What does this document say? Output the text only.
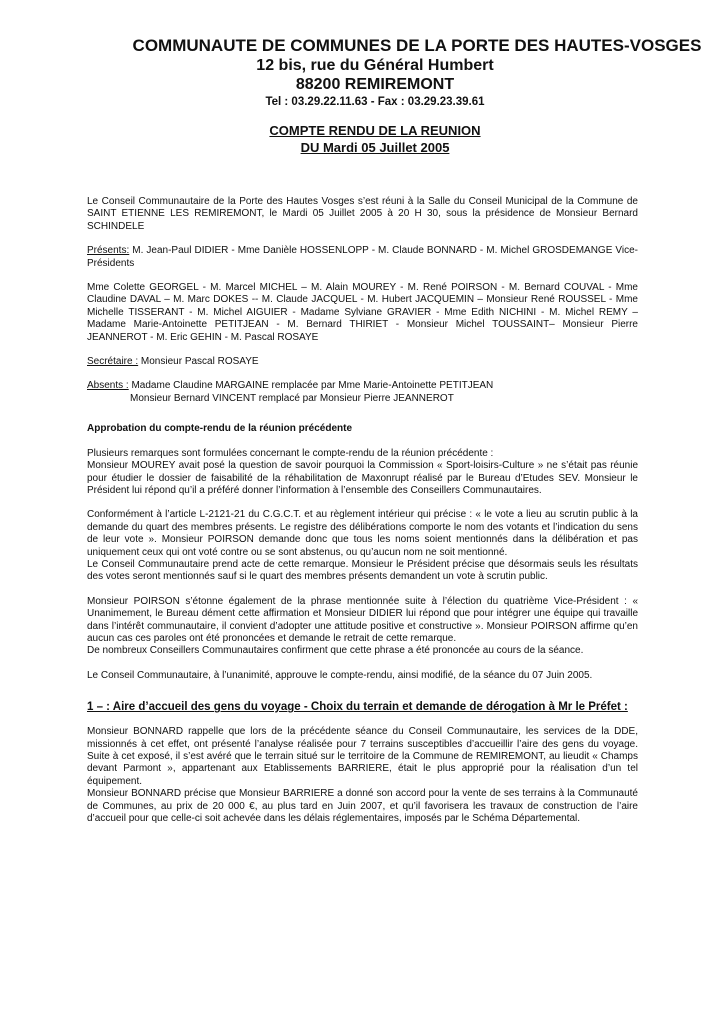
COMMUNAUTE DE COMMUNES DE LA PORTE DES HAUTES-VOSGES

12 bis, rue du Général Humbert

88200 REMIREMONT

Tel : 03.29.22.11.63 - Fax : 03.29.23.39.61

COMPTE RENDU DE LA REUNION

DU Mardi 05 Juillet 2005

Le Conseil Communautaire de la Porte des Hautes Vosges s’est réuni à la Salle du Conseil Municipal de la Commune de SAINT ETIENNE LES REMIREMONT, le Mardi 05 Juillet 2005 à 20 H 30, sous la présidence de Monsieur Bernard SCHINDELE

Présents: M. Jean-Paul DIDIER - Mme Danièle HOSSENLOPP - M. Claude BONNARD - M. Michel GROSDEMANGE Vice-Présidents

Mme Colette GEORGEL - M. Marcel MICHEL – M. Alain MOUREY - M. René POIRSON - M. Bernard COUVAL - Mme Claudine DAVAL – M. Marc DOKES -- M. Claude JACQUEL - M. Hubert JACQUEMIN – Monsieur René ROUSSEL - Mme Michelle TISSERANT - M. Michel AIGUIER - Madame Sylviane GRAVIER - Mme Edith NICHINI - M. Michel REMY – Madame Marie-Antoinette PETITJEAN - M. Bernard THIRIET - Monsieur Michel TOUSSAINT– Monsieur Pierre JEANNEROT - M. Eric GEHIN - M. Pascal ROSAYE

Secrétaire : Monsieur Pascal ROSAYE

Absents : Madame Claudine MARGAINE remplacée par Mme Marie-Antoinette PETITJEAN

Monsieur Bernard VINCENT remplacé par Monsieur Pierre JEANNEROT

Approbation du compte-rendu de la réunion précédente

Plusieurs remarques sont formulées concernant le compte-rendu de la réunion précédente :

Monsieur MOUREY avait posé la question de savoir pourquoi la Commission « Sport-loisirs-Culture » ne s’était pas réunie pour étudier le dossier de faisabilité de la réhabilitation de Maxonrupt réalisé par le Bureau d’Etudes SEV. Monsieur le Président lui répond qu’il a préféré donner l’information à l’ensemble des Conseillers Communautaires.

Conformément à l’article L-2121-21 du C.G.C.T. et au règlement intérieur qui précise : « le vote a lieu au scrutin public à la demande du quart des membres présents. Le registre des délibérations comporte le nom des votants et l’indication du sens de leur vote ». Monsieur POIRSON demande donc que tous les noms soient mentionnés dans la délibération et pas uniquement ceux qui ont voté contre ou se sont abstenus, ou qu’aucun nom ne soit mentionné.

Le Conseil Communautaire prend acte de cette remarque. Monsieur le Président précise que désormais seuls les résultats des votes seront mentionnés sauf si le quart des membres présents demandent un vote à scrutin public.

Monsieur POIRSON s’étonne également de la phrase mentionnée suite à l’élection du quatrième Vice-Président : « Unanimement, le Bureau dément cette affirmation et Monsieur DIDIER lui répond que pour intégrer une équipe qui travaille dans l’intérêt communautaire, il convient d’adopter une attitude positive et constructive ». Monsieur POIRSON affirme qu’en aucun cas ces paroles ont été prononcées et demande le retrait de cette remarque.

De nombreux Conseillers Communautaires confirment que cette phrase a été prononcée au cours de la séance.

Le Conseil Communautaire, à l’unanimité, approuve le compte-rendu, ainsi modifié, de la séance du 07 Juin 2005.

1 – : Aire d’accueil des gens du voyage - Choix du terrain et demande de dérogation à Mr le Préfet :

Monsieur BONNARD rappelle que lors de la précédente séance du Conseil Communautaire, les services de la DDE, missionnés à cet effet, ont présenté l’analyse réalisée pour 7 terrains susceptibles d’accueillir l’aire des gens du voyage. Suite à cet exposé, il s’est avéré que le terrain situé sur le territoire de la Commune de REMIREMONT, au lieudit « Champs devant Parmont », appartenant aux Etablissements BARRIERE, était le plus approprié pour la réalisation d’un tel équipement.

Monsieur BONNARD précise que Monsieur BARRIERE a donné son accord pour la vente de ses terrains à la Communauté de Communes, au prix de 20 000 €, au plus tard en Juin 2007, et qu’il favorisera les travaux de construction de l’aire d’accueil pour que celle-ci soit achevée dans les délais réglementaires, imposés par le Schéma Départemental.
